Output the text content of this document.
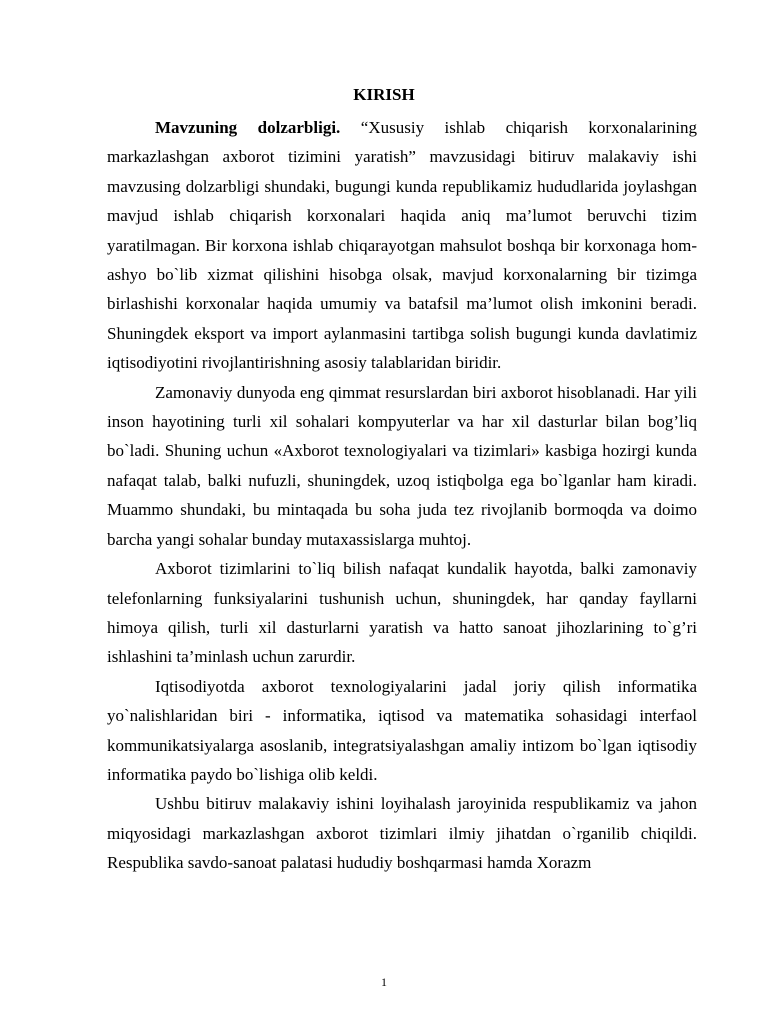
KIRISH

Mavzuning dolzarbligi. “Xususiy ishlab chiqarish korxonalarining markazlashgan axborot tizimini yaratish” mavzusidagi bitiruv malakaviy ishi mavzusing dolzarbligi shundaki, bugungi kunda republikamiz hududlarida joylashgan mavjud ishlab chiqarish korxonalari haqida aniq ma’lumot beruvchi tizim yaratilmagan. Bir korxona ishlab chiqarayotgan mahsulot boshqa bir korxonaga hom-ashyo bo`lib xizmat qilishini hisobga olsak, mavjud korxonalarning bir tizimga birlashishi korxonalar haqida umumiy va batafsil ma’lumot olish imkonini beradi. Shuningdek eksport va import aylanmasini tartibga solish bugungi kunda davlatimiz iqtisodiyotini rivojlantirishning asosiy talablaridan biridir.

Zamonaviy dunyoda eng qimmat resurslardan biri axborot hisoblanadi. Har yili inson hayotining turli xil sohalari kompyuterlar va har xil dasturlar bilan bog’liq bo`ladi. Shuning uchun «Axborot texnologiyalari va tizimlari» kasbiga hozirgi kunda nafaqat talab, balki nufuzli, shuningdek, uzoq istiqbolga ega bo`lganlar ham kiradi. Muammo shundaki, bu mintaqada bu soha juda tez rivojlanib bormoqda va doimo barcha yangi sohalar bunday mutaxassislarga muhtoj.

Axborot tizimlarini to`liq bilish nafaqat kundalik hayotda, balki zamonaviy telefonlarning funksiyalarini tushunish uchun, shuningdek, har qanday fayllarni himoya qilish, turli xil dasturlarni yaratish va hatto sanoat jihozlarining to`g’ri ishlashini ta’minlash uchun zarurdir.

Iqtisodiyotda axborot texnologiyalarini jadal joriy qilish informatika yo`nalishlaridan biri - informatika, iqtisod va matematika sohasidagi interfaol kommunikatsiyalarga asoslanib, integratsiyalashgan amaliy intizom bo`lgan iqtisodiy informatika paydo bo`lishiga olib keldi.

Ushbu bitiruv malakaviy ishini loyihalash jaroyinida respublikamiz va jahon miqyosidagi markazlashgan axborot tizimlari ilmiy jihatdan o`rganilib chiqildi. Respublika savdo-sanoat palatasi hududiy boshqarmasi hamda Xorazm

1
